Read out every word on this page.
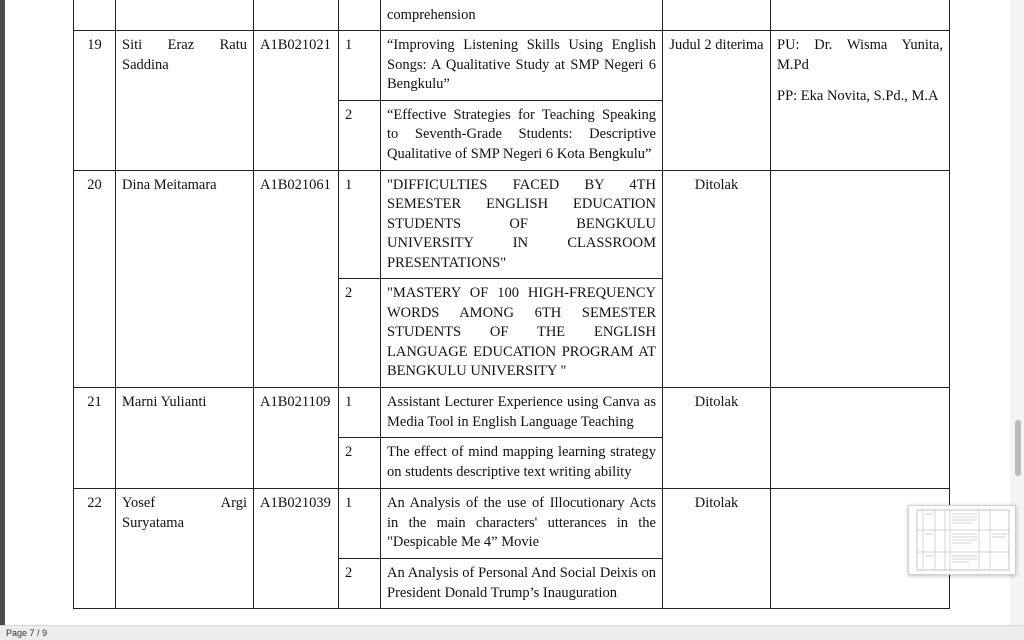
				comprehension		
19	Siti Eraz Ratu Saddina	A1B021021	1	“Improving Listening Skills Using English Songs: A Qualitative Study at SMP Negeri 6 Bengkulu”	Judul 2 diterima	PU: Dr. Wisma Yunita, M.Pd
PP: Eka Novita, S.Pd., M.A

			2	“Effective Strategies for Teaching Speaking to Seventh-Grade Students: Descriptive Qualitative of SMP Negeri 6 Kota Bengkulu”		
20	Dina Meitamara	A1B021061	1	"DIFFICULTIES FACED BY 4TH SEMESTER ENGLISH EDUCATION STUDENTS OF BENGKULU UNIVERSITY IN CLASSROOM PRESENTATIONS"	Ditolak	
			2	"MASTERY OF 100 HIGH-FREQUENCY WORDS AMONG 6TH SEMESTER STUDENTS OF THE ENGLISH LANGUAGE EDUCATION PROGRAM AT BENGKULU UNIVERSITY "		
21	Marni Yulianti	A1B021109	1	Assistant Lecturer Experience using Canva as Media Tool in English Language Teaching	Ditolak	
			2	The effect of mind mapping learning strategy on students descriptive text writing ability		
22	Yosef Argi Suryatama	A1B021039	1	An Analysis of the use of Illocutionary Acts in the main characters' utterances in the "Despicable Me 4” Movie	Ditolak	
			2	An Analysis of Personal And Social Deixis on President Donald Trump’s Inauguration		
Page 7 / 9
